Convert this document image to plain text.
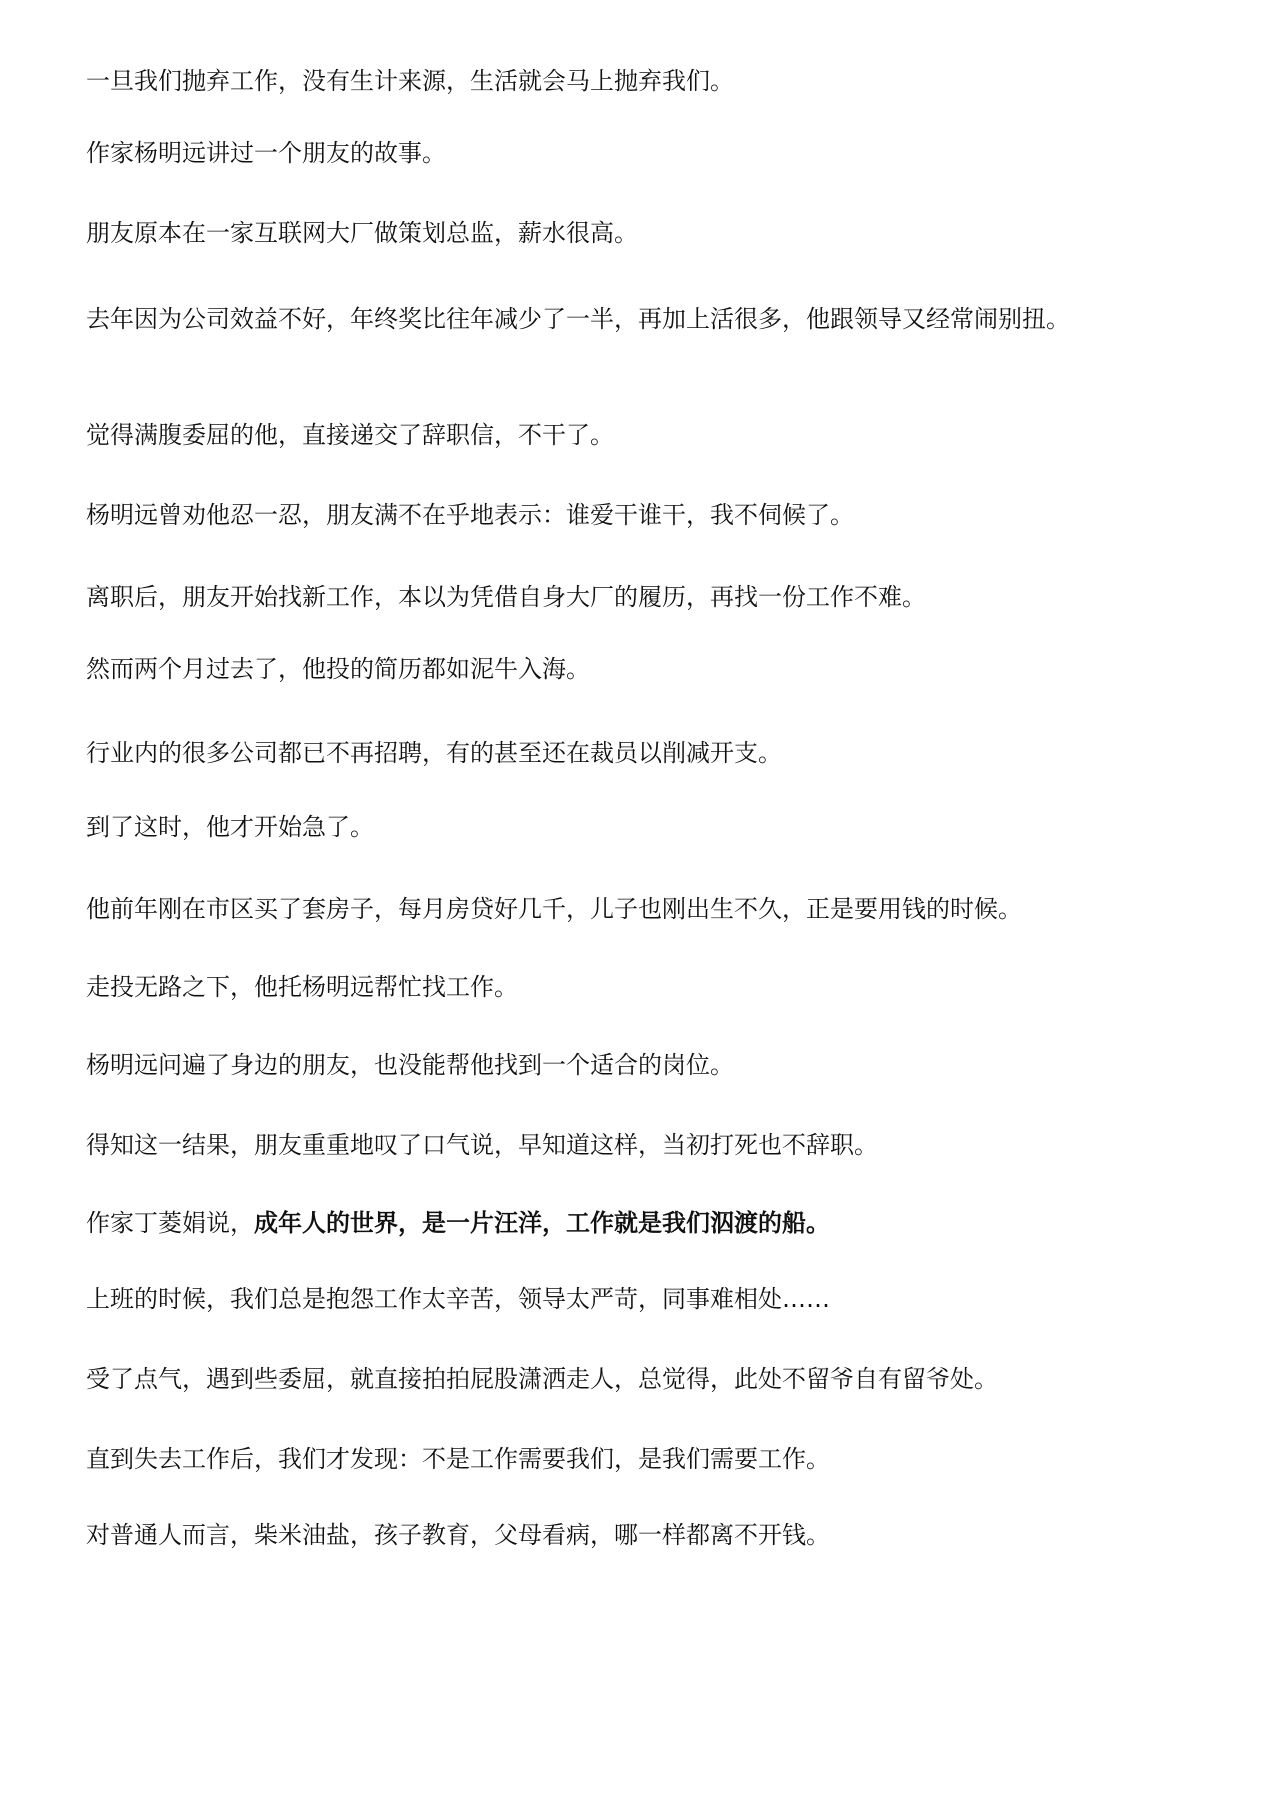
一旦我们抛弃工作，没有生计来源，生活就会马上抛弃我们。

作家杨明远讲过一个朋友的故事。

朋友原本在一家互联网大厂做策划总监，薪水很高。

去年因为公司效益不好，年终奖比往年减少了一半，再加上活很多，他跟领导又经常闹别扭。

觉得满腹委屈的他，直接递交了辞职信，不干了。

杨明远曾劝他忍一忍，朋友满不在乎地表示：谁爱干谁干，我不伺候了。

离职后，朋友开始找新工作，本以为凭借自身大厂的履历，再找一份工作不难。

然而两个月过去了，他投的简历都如泥牛入海。

行业内的很多公司都已不再招聘，有的甚至还在裁员以削减开支。

到了这时，他才开始急了。

他前年刚在市区买了套房子，每月房贷好几千，儿子也刚出生不久，正是要用钱的时候。

走投无路之下，他托杨明远帮忙找工作。

杨明远问遍了身边的朋友，也没能帮他找到一个适合的岗位。

得知这一结果，朋友重重地叹了口气说，早知道这样，当初打死也不辞职。

作家丁菱娟说，成年人的世界，是一片汪洋，工作就是我们泅渡的船。

上班的时候，我们总是抱怨工作太辛苦，领导太严苛，同事难相处……

受了点气，遇到些委屈，就直接拍拍屁股潇洒走人，总觉得，此处不留爷自有留爷处。

直到失去工作后，我们才发现：不是工作需要我们，是我们需要工作。

对普通人而言，柴米油盐，孩子教育，父母看病，哪一样都离不开钱。
